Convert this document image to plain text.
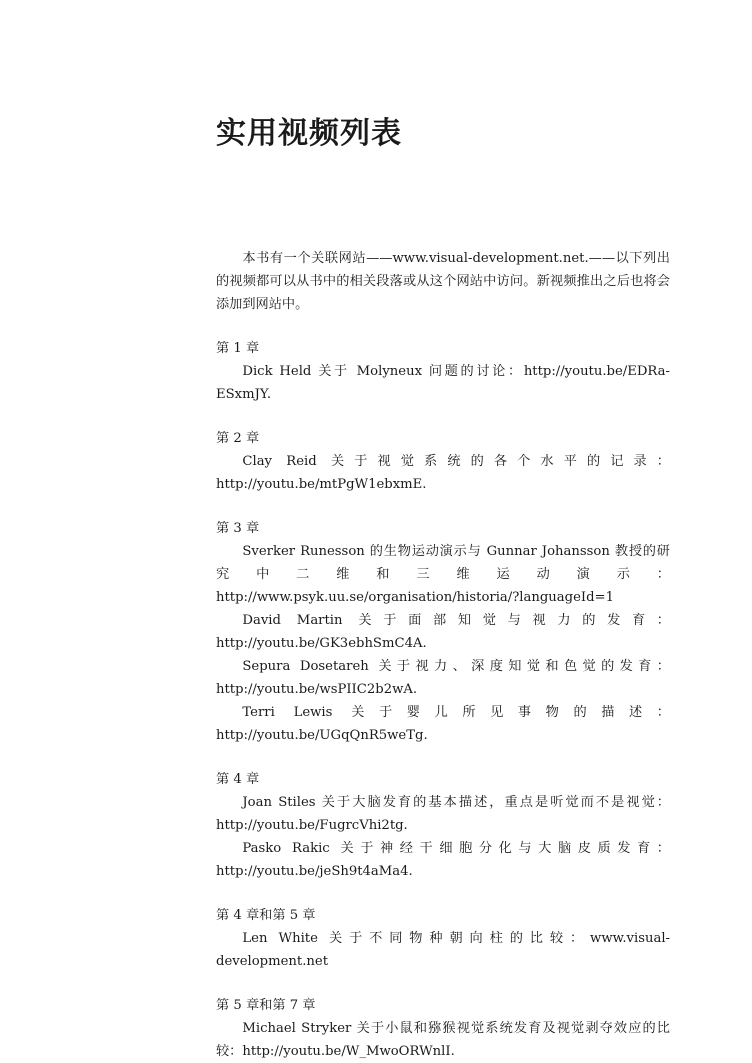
实用视频列表

本书有一个关联网站——www.visual-development.net.——以下列出的视频都可以从书中的相关段落或从这个网站中访问。新视频推出之后也将会添加到网站中。

第 1 章

Dick Held 关于 Molyneux 问题的讨论：http://youtu.be/EDRa-ESxmJY.

第 2 章

Clay Reid 关于视觉系统的各个水平的记录：http://youtu.be/mtPgW1ebxmE.

第 3 章

Sverker Runesson 的生物运动演示与 Gunnar Johansson 教授的研究中二维和三维运动演示：http://www.psyk.uu.se/organisation/historia/?languageId=1

David Martin 关于面部知觉与视力的发育：http://youtu.be/GK3ebhSmC4A.

Sepura Dosetareh 关于视力、深度知觉和色觉的发育：http://youtu.be/wsPIIC2b2wA.

Terri Lewis 关于婴儿所见事物的描述：http://youtu.be/UGqQnR5weTg.

第 4 章

Joan Stiles 关于大脑发育的基本描述，重点是听觉而不是视觉：http://youtu.be/FugrcVhi2tg.

Pasko Rakic 关于神经干细胞分化与大脑皮质发育：http://youtu.be/jeSh9t4aMa4.

第 4 章和第 5 章

Len White 关于不同物种朝向柱的比较：www.visual-development.net

第 5 章和第 7 章

Michael Stryker 关于小鼠和猕猴视觉系统发育及视觉剥夺效应的比较：http://youtu.be/W_MwoORWnlI.
